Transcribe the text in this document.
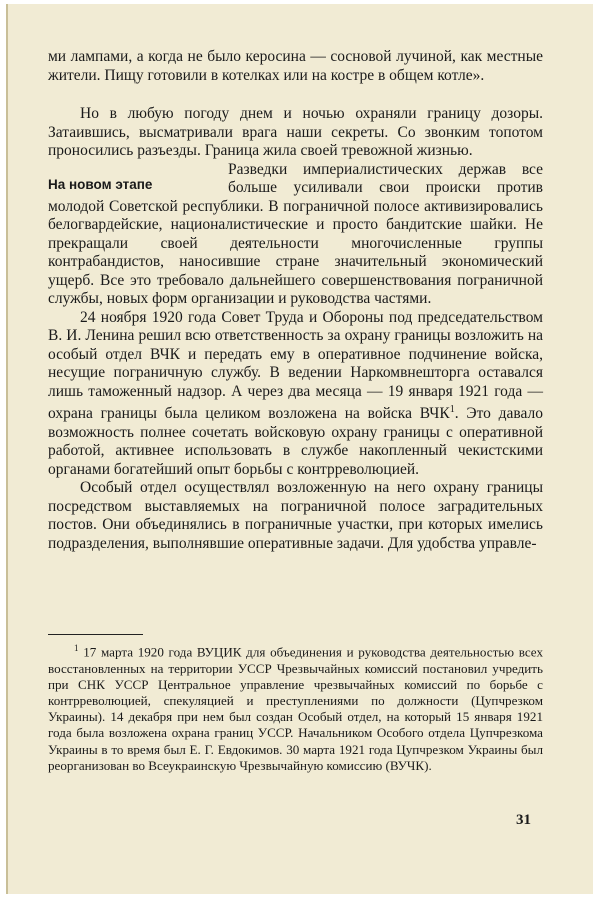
ми лампами, а когда не было керосина — сосновой лучиной, как местные жители. Пищу готовили в котелках или на костре в общем котле».

Но в любую погоду днем и ночью охраняли границу дозоры. Затаившись, высматривали врага наши секреты. Со звонким топотом проносились разъезды. Граница жила своей тревожной жизнью.

На новом этапе

Разведки империалистических держав все больше усиливали свои происки против молодой Советской республики. В пограничной полосе активизировались белогвардейские, националистические и просто бандитские шайки. Не прекращали своей деятельности многочисленные группы контрабандистов, наносившие стране значительный экономический ущерб. Все это требовало дальнейшего совершенствования пограничной службы, новых форм организации и руководства частями.

24 ноября 1920 года Совет Труда и Обороны под председательством В. И. Ленина решил всю ответственность за охрану границы возложить на особый отдел ВЧК и передать ему в оперативное подчинение войска, несущие пограничную службу. В ведении Наркомвнешторга оставался лишь таможенный надзор. А через два месяца — 19 января 1921 года — охрана границы была целиком возложена на войска ВЧК$^1$. Это давало возможность полнее сочетать войсковую охрану границы с оперативной работой, активнее использовать в службе накопленный чекистскими органами богатейший опыт борьбы с контрреволюцией.

Особый отдел осуществлял возложенную на него охрану границы посредством выставляемых на пограничной полосе заградительных постов. Они объединялись в пограничные участки, при которых имелись подразделения, выполнявшие оперативные задачи. Для удобства управле-

$^1$ 17 марта 1920 года ВУЦИК для объединения и руководства деятельностью всех восстановленных на территории УССР Чрезвычайных комиссий постановил учредить при СНК УССР Центральное управление чрезвычайных комиссий по борьбе с контрреволюцией, спекуляцией и преступлениями по должности (Цупчрезком Украины). 14 декабря при нем был создан Особый отдел, на который 15 января 1921 года была возложена охрана границ УССР. Начальником Особого отдела Цупчрезкома Украины в то время был Е. Г. Евдокимов. 30 марта 1921 года Цупчрезком Украины был реорганизован во Всеукраинскую Чрезвычайную комиссию (ВУЧК).

31
